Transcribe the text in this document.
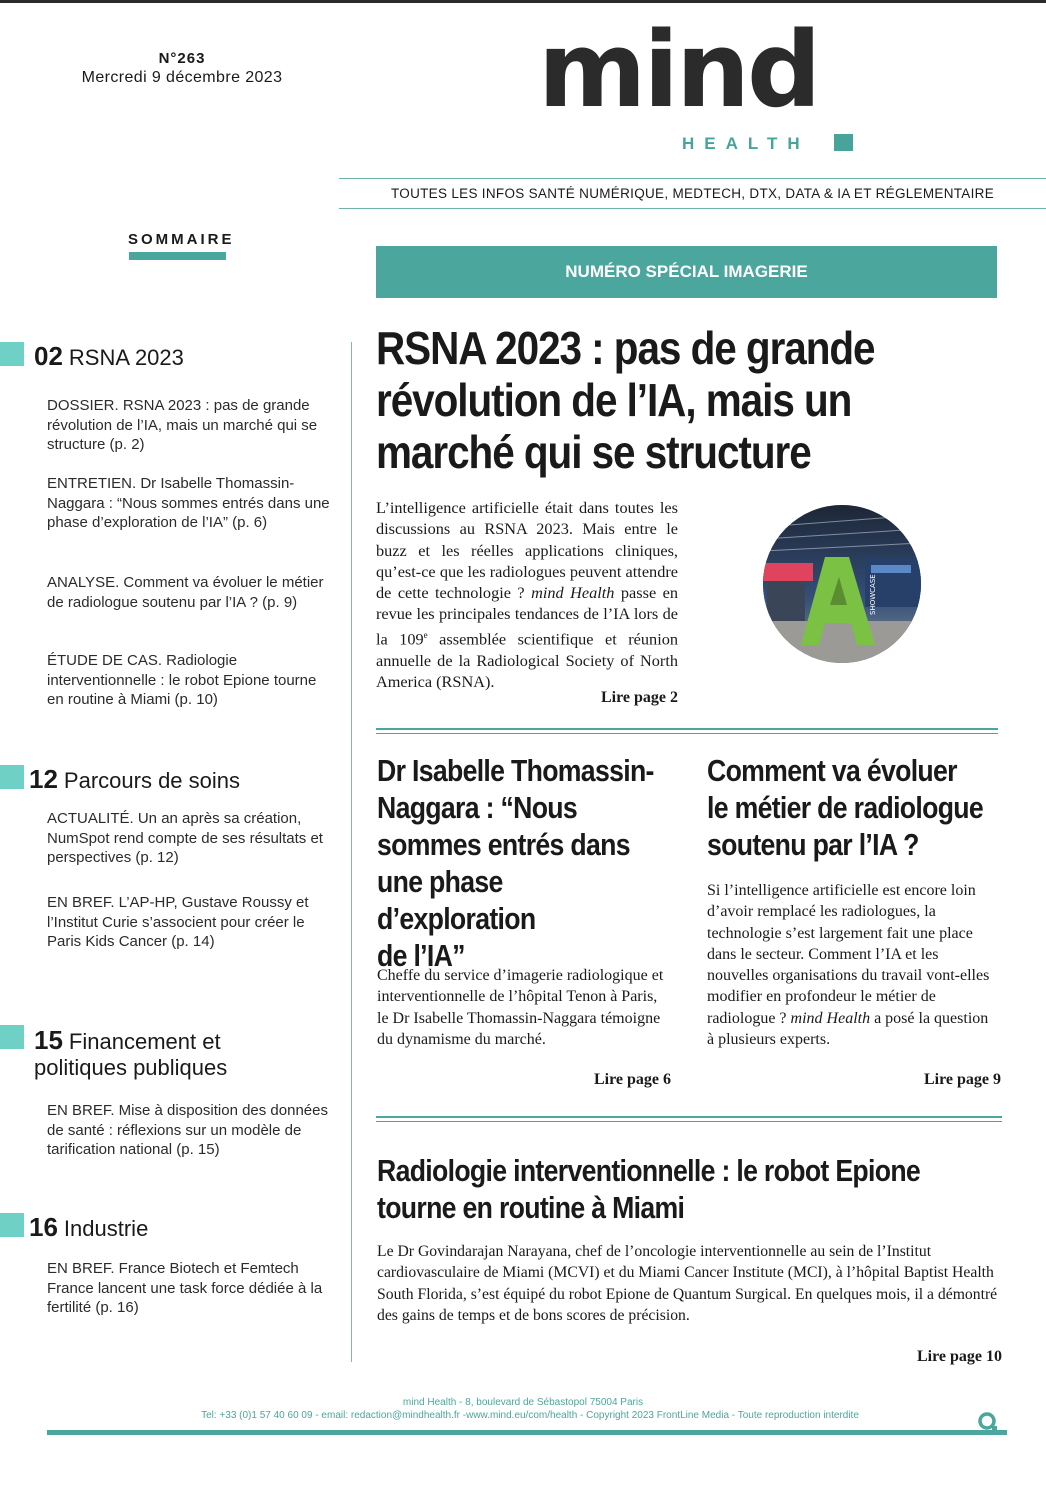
N°263
Mercredi 9 décembre 2023	mind
HEALTH
TOUTES LES INFOS SANTÉ NUMÉRIQUE, MEDTECH, DTX, DATA & IA ET RÉGLEMENTAIRE
SOMMAIRE
02 RSNA 2023
DOSSIER. RSNA 2023 : pas de grande révolution de l’IA, mais un marché qui se structure (p. 2)
ENTRETIEN. Dr Isabelle Thomassin-Naggara : “Nous sommes entrés dans une phase d’exploration de l’IA” (p. 6)
ANALYSE. Comment va évoluer le métier de radiologue soutenu par l’IA ? (p. 9)
ÉTUDE DE CAS. Radiologie interventionnelle : le robot Epione tourne en routine à Miami (p. 10)
12 Parcours de soins
ACTUALITÉ. Un an après sa création, NumSpot rend compte de ses résultats et perspectives (p. 12)
EN BREF. L’AP-HP, Gustave Roussy et l’Institut Curie s’associent pour créer le Paris Kids Cancer (p. 14)
15 Financement et
politiques publiques
EN BREF. Mise à disposition des données de santé : réflexions sur un modèle de tarification national (p. 15)
16 Industrie
EN BREF. France Biotech et Femtech France lancent une task force dédiée à la fertilité (p. 16)
NUMÉRO SPÉCIAL IMAGERIE
RSNA 2023 : pas de grande
révolution de l’IA, mais un
marché qui se structure
L’intelligence artificielle était dans toutes les discussions au RSNA 2023. Mais entre le buzz et les réelles applications cliniques, qu’est-ce que les radiologues peuvent attendre de cette technologie ? mind Health passe en revue les principales tendances de l’IA lors de la 109e assemblée scientifique et réunion annuelle de la Radiological Society of North America (RSNA).
Lire page 2
SHOWCASE
Dr Isabelle Thomassin-
Naggara : “Nous
sommes entrés dans
une phase d’exploration
de l’IA”
Cheffe du service d’imagerie radiologique et interventionnelle de l’hôpital Tenon à Paris, le Dr Isabelle Thomassin-Naggara témoigne du dynamisme du marché.
Lire page 6
Comment va évoluer
le métier de radiologue
soutenu par l’IA ?
Si l’intelligence artificielle est encore loin d’avoir remplacé les radiologues, la technologie s’est largement fait une place dans le secteur. Comment l’IA et les nouvelles organisations du travail vont-elles modifier en profondeur le métier de radiologue ? mind Health a posé la question à plusieurs experts.
Lire page 9
Radiologie interventionnelle : le robot Epione
tourne en routine à Miami
Le Dr Govindarajan Narayana, chef de l’oncologie interventionnelle au sein de l’Institut cardiovasculaire de Miami (MCVI) et du Miami Cancer Institute (MCI), à l’hôpital Baptist Health South Florida, s’est équipé du robot Epione de Quantum Surgical. En quelques mois, il a démontré des gains de temps et de bons scores de précision.
Lire page 10
mind Health - 8, boulevard de Sébastopol 75004 Paris
Tel: +33 (0)1 57 40 60 09 - email: redaction@mindhealth.fr -www.mind.eu/com/health - Copyright 2023 FrontLine Media - Toute reproduction interdite
